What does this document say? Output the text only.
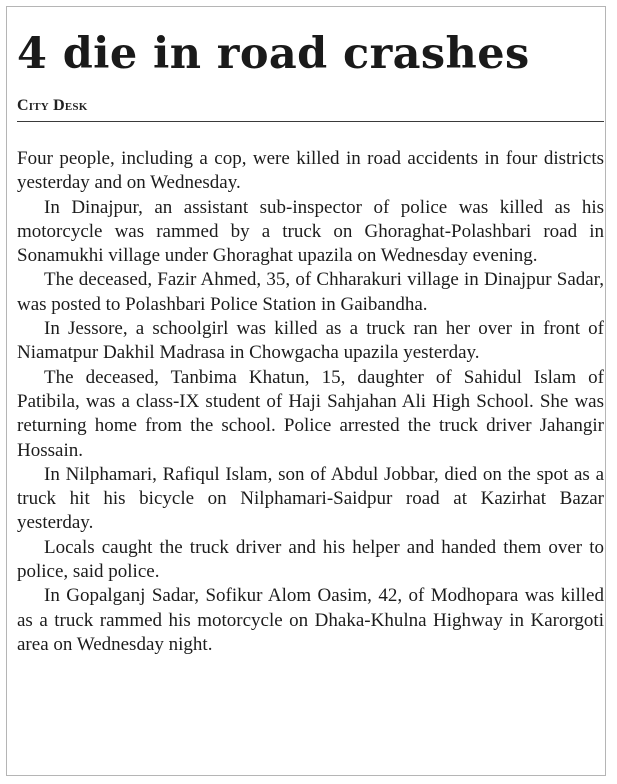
4 die in road crashes
City Desk

Four people, including a cop, were killed in road accidents in four districts yesterday and on Wednesday.

In Dinajpur, an assistant sub-inspector of police was killed as his motorcycle was rammed by a truck on Ghoraghat-Polashbari road in Sonamukhi village under Ghoraghat upazila on Wednesday evening.

The deceased, Fazir Ahmed, 35, of Chharakuri village in Dinajpur Sadar, was posted to Polashbari Police Station in Gaibandha.

In Jessore, a schoolgirl was killed as a truck ran her over in front of Niamatpur Dakhil Madrasa in Chowgacha upazila yesterday.

The deceased, Tanbima Khatun, 15, daughter of Sahidul Islam of Patibila, was a class-IX student of Haji Sahjahan Ali High School. She was returning home from the school. Police arrested the truck driver Jahangir Hossain.

In Nilphamari, Rafiqul Islam, son of Abdul Jobbar, died on the spot as a truck hit his bicycle on Nilphamari-Saidpur road at Kazirhat Bazar yesterday.

Locals caught the truck driver and his helper and handed them over to police, said police.

In Gopalganj Sadar, Sofikur Alom Oasim, 42, of Modhopara was killed as a truck rammed his motorcycle on Dhaka-Khulna Highway in Karorgoti area on Wednesday night.
